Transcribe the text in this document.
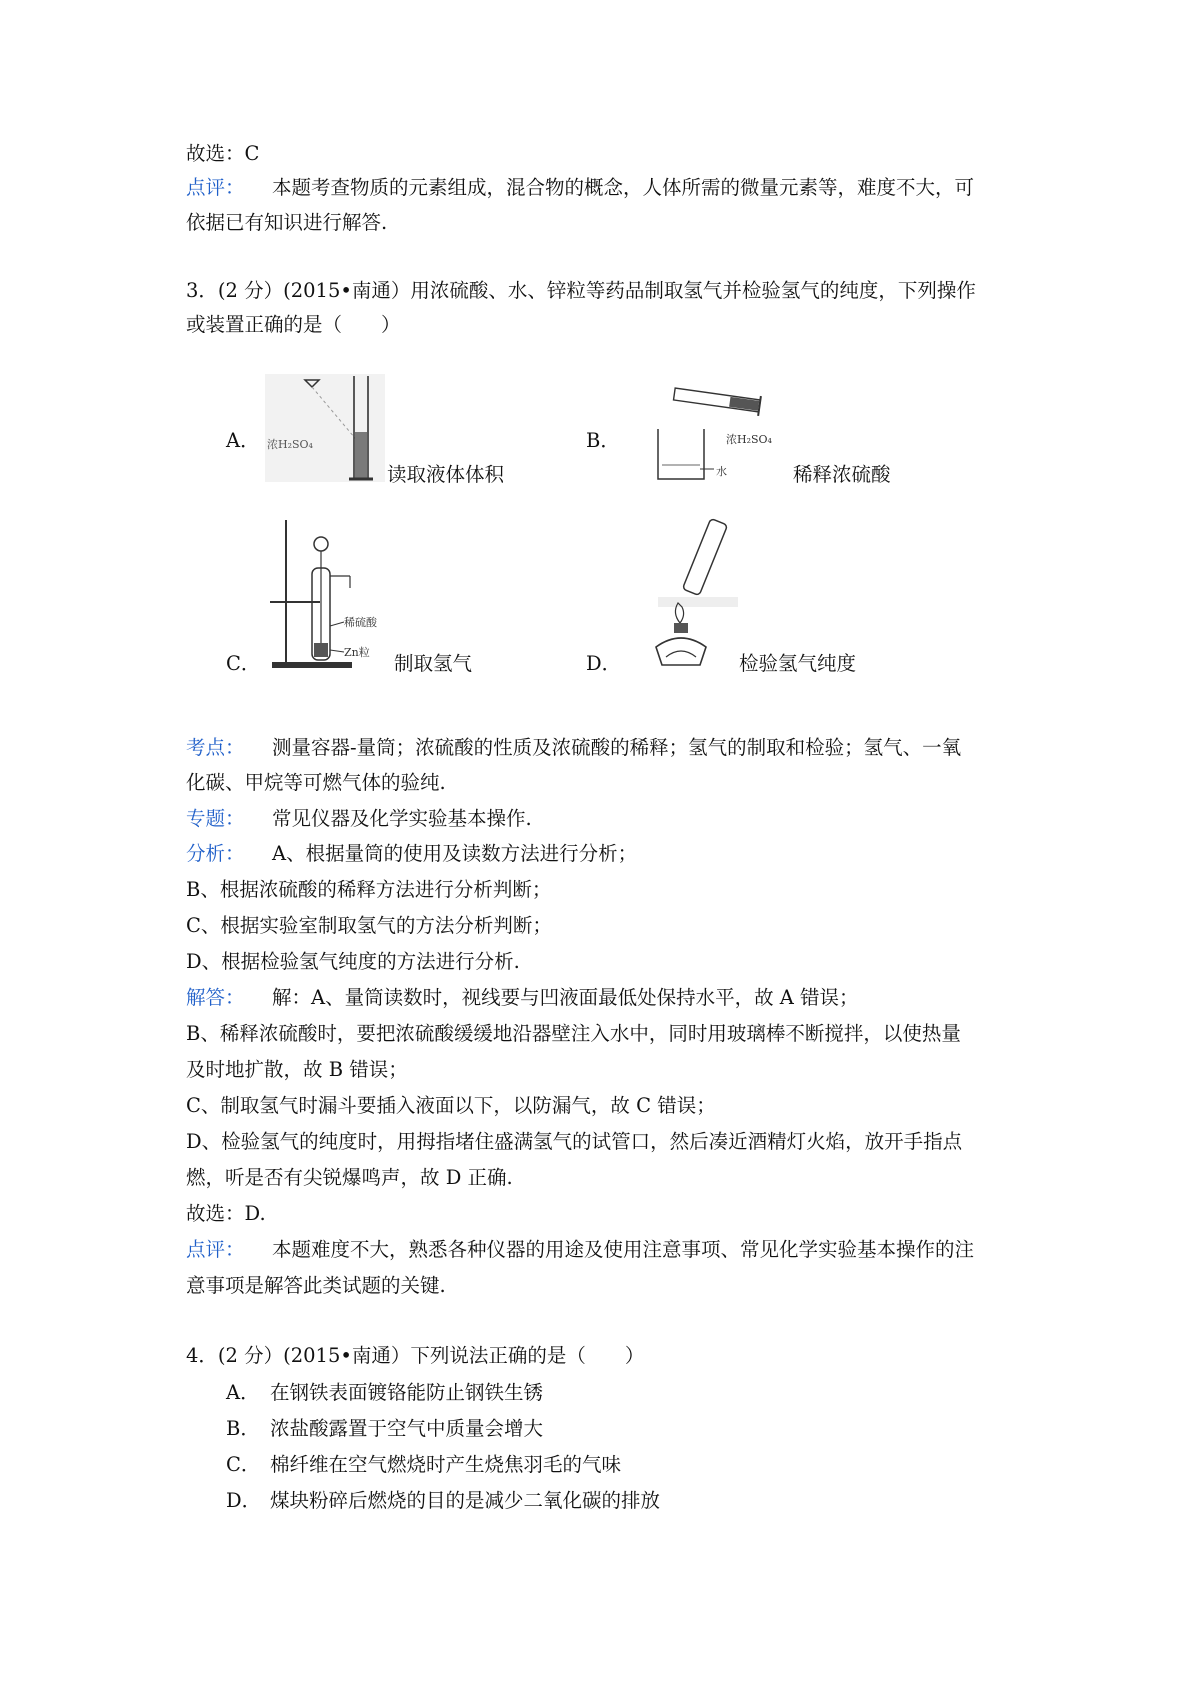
故选：C
点评： 本题考查物质的元素组成，混合物的概念，人体所需的微量元素等，难度不大，可
依据已有知识进行解答.
3．(2 分）(2015•南通）用浓硫酸、水、锌粒等药品制取氢气并检验氢气的纯度，下列操作
或装置正确的是（　　）
A． 浓H₂SO₄
读取液体体积
B．	浓H₂SO₄
水	稀释浓硫酸
C．
稀硫酸
Zn粒 制取氢气	D．	检验氢气纯度
考点： 测量容器-量筒；浓硫酸的性质及浓硫酸的稀释；氢气的制取和检验；氢气、一氧
化碳、甲烷等可燃气体的验纯.
专题： 常见仪器及化学实验基本操作.
分析： A、根据量筒的使用及读数方法进行分析；
B、根据浓硫酸的稀释方法进行分析判断；
C、根据实验室制取氢气的方法分析判断；
D、根据检验氢气纯度的方法进行分析.
解答： 解：A、量筒读数时，视线要与凹液面最低处保持水平，故 A 错误；
B、稀释浓硫酸时，要把浓硫酸缓缓地沿器壁注入水中，同时用玻璃棒不断搅拌，以使热量
及时地扩散，故 B 错误；
C、制取氢气时漏斗要插入液面以下，以防漏气，故 C 错误；
D、检验氢气的纯度时，用拇指堵住盛满氢气的试管口，然后凑近酒精灯火焰，放开手指点
燃，听是否有尖锐爆鸣声，故 D 正确.
故选：D.
点评： 本题难度不大，熟悉各种仪器的用途及使用注意事项、常见化学实验基本操作的注
意事项是解答此类试题的关键.
4．(2 分）(2015•南通）下列说法正确的是（　　）
A． 在钢铁表面镀铬能防止钢铁生锈
B． 浓盐酸露置于空气中质量会增大
C． 棉纤维在空气燃烧时产生烧焦羽毛的气味
D． 煤块粉碎后燃烧的目的是减少二氧化碳的排放
